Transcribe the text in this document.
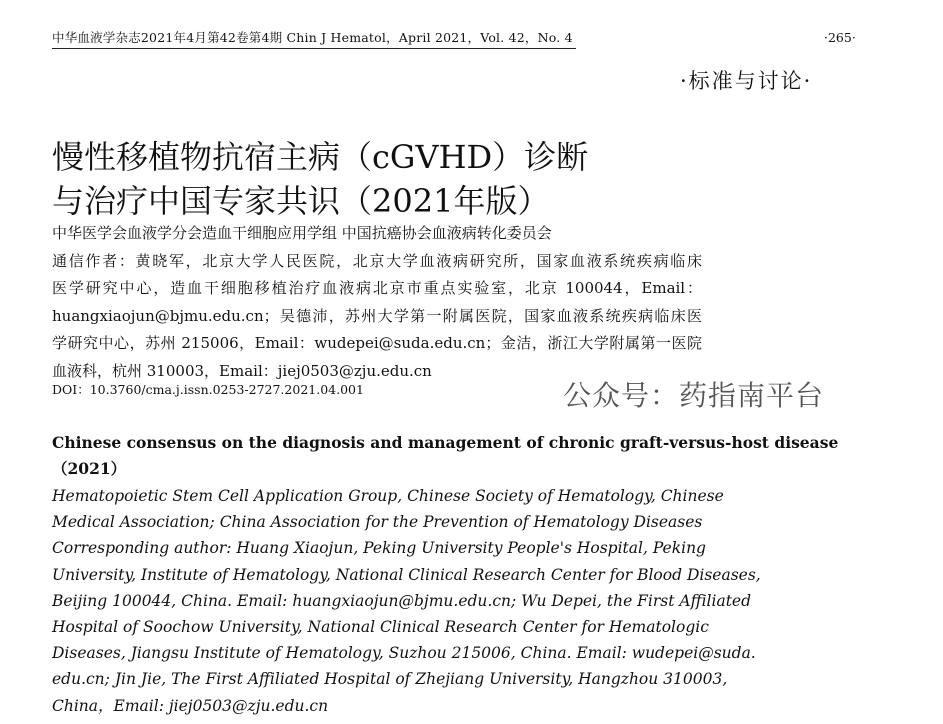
中华血液学杂志2021年4月第42卷第4期 Chin J Hematol，April 2021，Vol. 42，No. 4	·265·
·标准与讨论·
慢性移植物抗宿主病（cGVHD）诊断
与治疗中国专家共识（2021年版）
中华医学会血液学分会造血干细胞应用学组 中国抗癌协会血液病转化委员会
通信作者：黄晓军，北京大学人民医院，北京大学血液病研究所，国家血液系统疾病临床
医学研究中心，造血干细胞移植治疗血液病北京市重点实验室，北京 100044，Email：
huangxiaojun@bjmu.edu.cn；吴德沛，苏州大学第一附属医院，国家血液系统疾病临床医
学研究中心，苏州 215006，Email：wudepei@suda.edu.cn；金洁，浙江大学附属第一医院
血液科，杭州 310003，Email：jiej0503@zju.edu.cn
DOI：10.3760/cma.j.issn.0253-2727.2021.04.001	公众号：药指南平台
Chinese consensus on the diagnosis and management of chronic graft-versus-host disease
（2021）
Hematopoietic Stem Cell Application Group, Chinese Society of Hematology, Chinese
Medical Association; China Association for the Prevention of Hematology Diseases
Corresponding author: Huang Xiaojun, Peking University People's Hospital, Peking
University, Institute of Hematology, National Clinical Research Center for Blood Diseases,
Beijing 100044, China. Email: huangxiaojun@bjmu.edu.cn; Wu Depei, the First Affiliated
Hospital of Soochow University, National Clinical Research Center for Hematologic
Diseases, Jiangsu Institute of Hematology, Suzhou 215006, China. Email: wudepei@suda.
edu.cn; Jin Jie, The First Affiliated Hospital of Zhejiang University, Hangzhou 310003,
China，Email: jiej0503@zju.edu.cn
